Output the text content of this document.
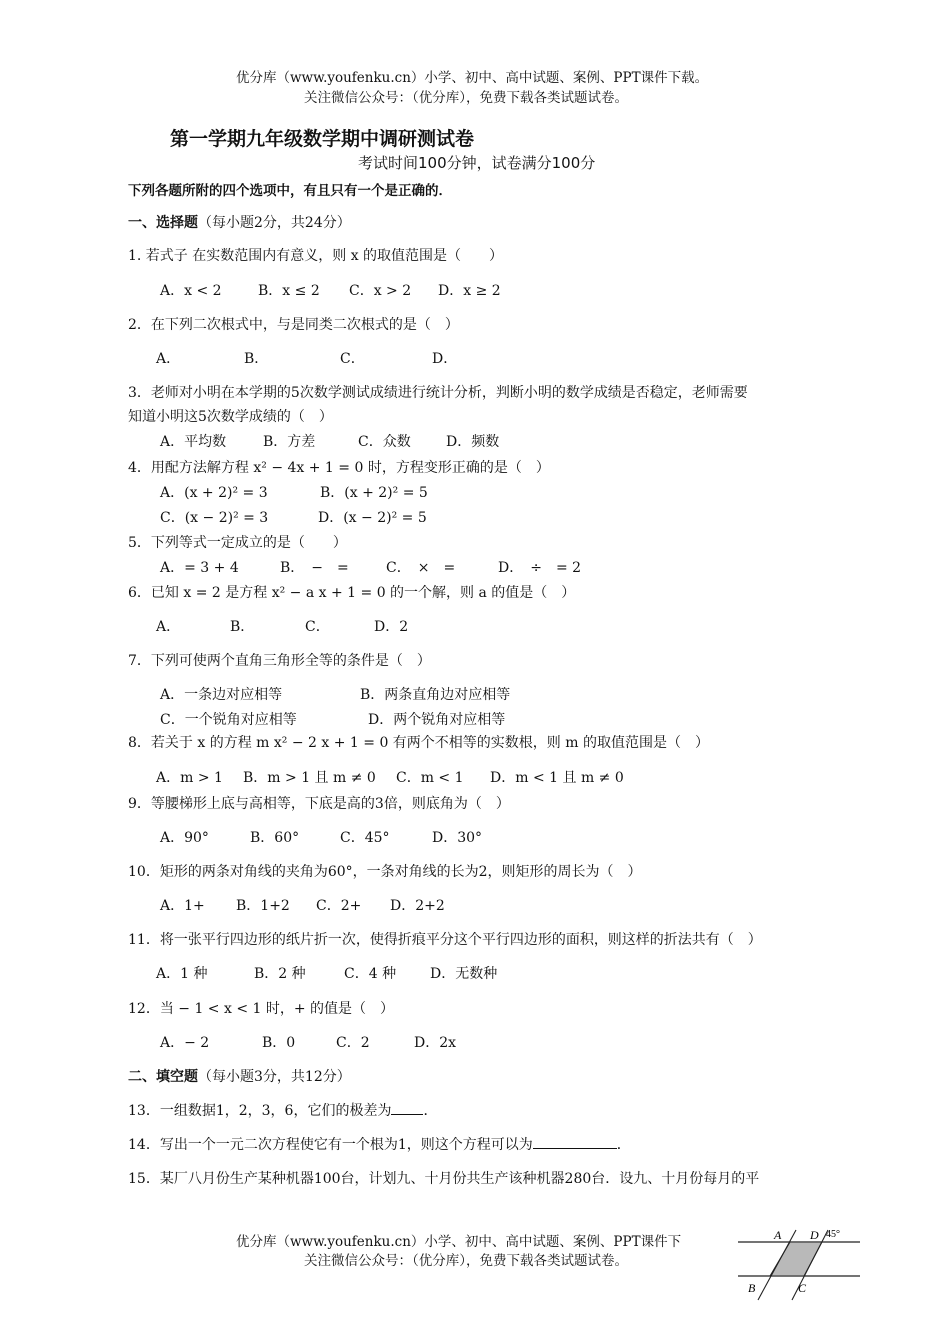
优分库（www.youfenku.cn）小学、初中、高中试题、案例、PPT课件下载。
关注微信公众号：（优分库），免费下载各类试题试卷。
第一学期九年级数学期中调研测试卷
考试时间100分钟，试卷满分100分
下列各题所附的四个选项中，有且只有一个是正确的．
一、选择题（每小题2分，共24分）
1. 若式子 在实数范围内有意义，则 x 的取值范围是（　　）
A．x < 2	B．x ≤ 2 C．x > 2 D．x ≥ 2
2．在下列二次根式中，与是同类二次根式的是（　）
A．	B．	C．	D．
3．老师对小明在本学期的5次数学测试成绩进行统计分析，判断小明的数学成绩是否稳定，老师需要
知道小明这5次数学成绩的（　）
A．平均数	B．方差	C．众数	D．频数
4．用配方法解方程 x² − 4x + 1 = 0 时，方程变形正确的是（　）
A．(x + 2)² = 3	B．(x + 2)² = 5
C．(x − 2)² = 3	D．(x − 2)² = 5
5．下列等式一定成立的是（　　）
A．= 3 + 4	B．　−　=	C．　×　=	D．　÷　= 2
6．已知 x = 2 是方程 x² − a x + 1 = 0 的一个解，则 a 的值是（　）
A．	B．	C．	D．2
7．下列可使两个直角三角形全等的条件是（　）
A．一条边对应相等	B．两条直角边对应相等
C．一个锐角对应相等	D．两个锐角对应相等
8．若关于 x 的方程 m x² − 2 x + 1 = 0 有两个不相等的实数根，则 m 的取值范围是（　）
A．m > 1 B．m > 1 且 m ≠ 0 C．m < 1 D．m < 1 且 m ≠ 0
9．等腰梯形上底与高相等，下底是高的3倍，则底角为（　）
A．90°	B．60°	C．45°	D．30°
10．矩形的两条对角线的夹角为60°，一条对角线的长为2，则矩形的周长为（　）
A．1+ B．1+2 C．2+ D．2+2
11．将一张平行四边形的纸片折一次，使得折痕平分这个平行四边形的面积，则这样的折法共有（　）
A．1 种	B．2 种	C．4 种 D．无数种
12．当 − 1 < x < 1 时，+ 的值是（　）
A．− 2	B．0	C．2	D．2x
二、填空题（每小题3分，共12分）
13．一组数据1，2，3，6，它们的极差为 ．
14．写出一个一元二次方程使它有一个根为1，则这个方程可以为	．
15．某厂八月份生产某种机器100台，计划九、十月份共生产该种机器280台．设九、十月份每月的平
优分库（www.youfenku.cn）小学、初中、高中试题、案例、PPT课件下
关注微信公众号：（优分库），免费下载各类试题试卷。
A D 45°
B	C
